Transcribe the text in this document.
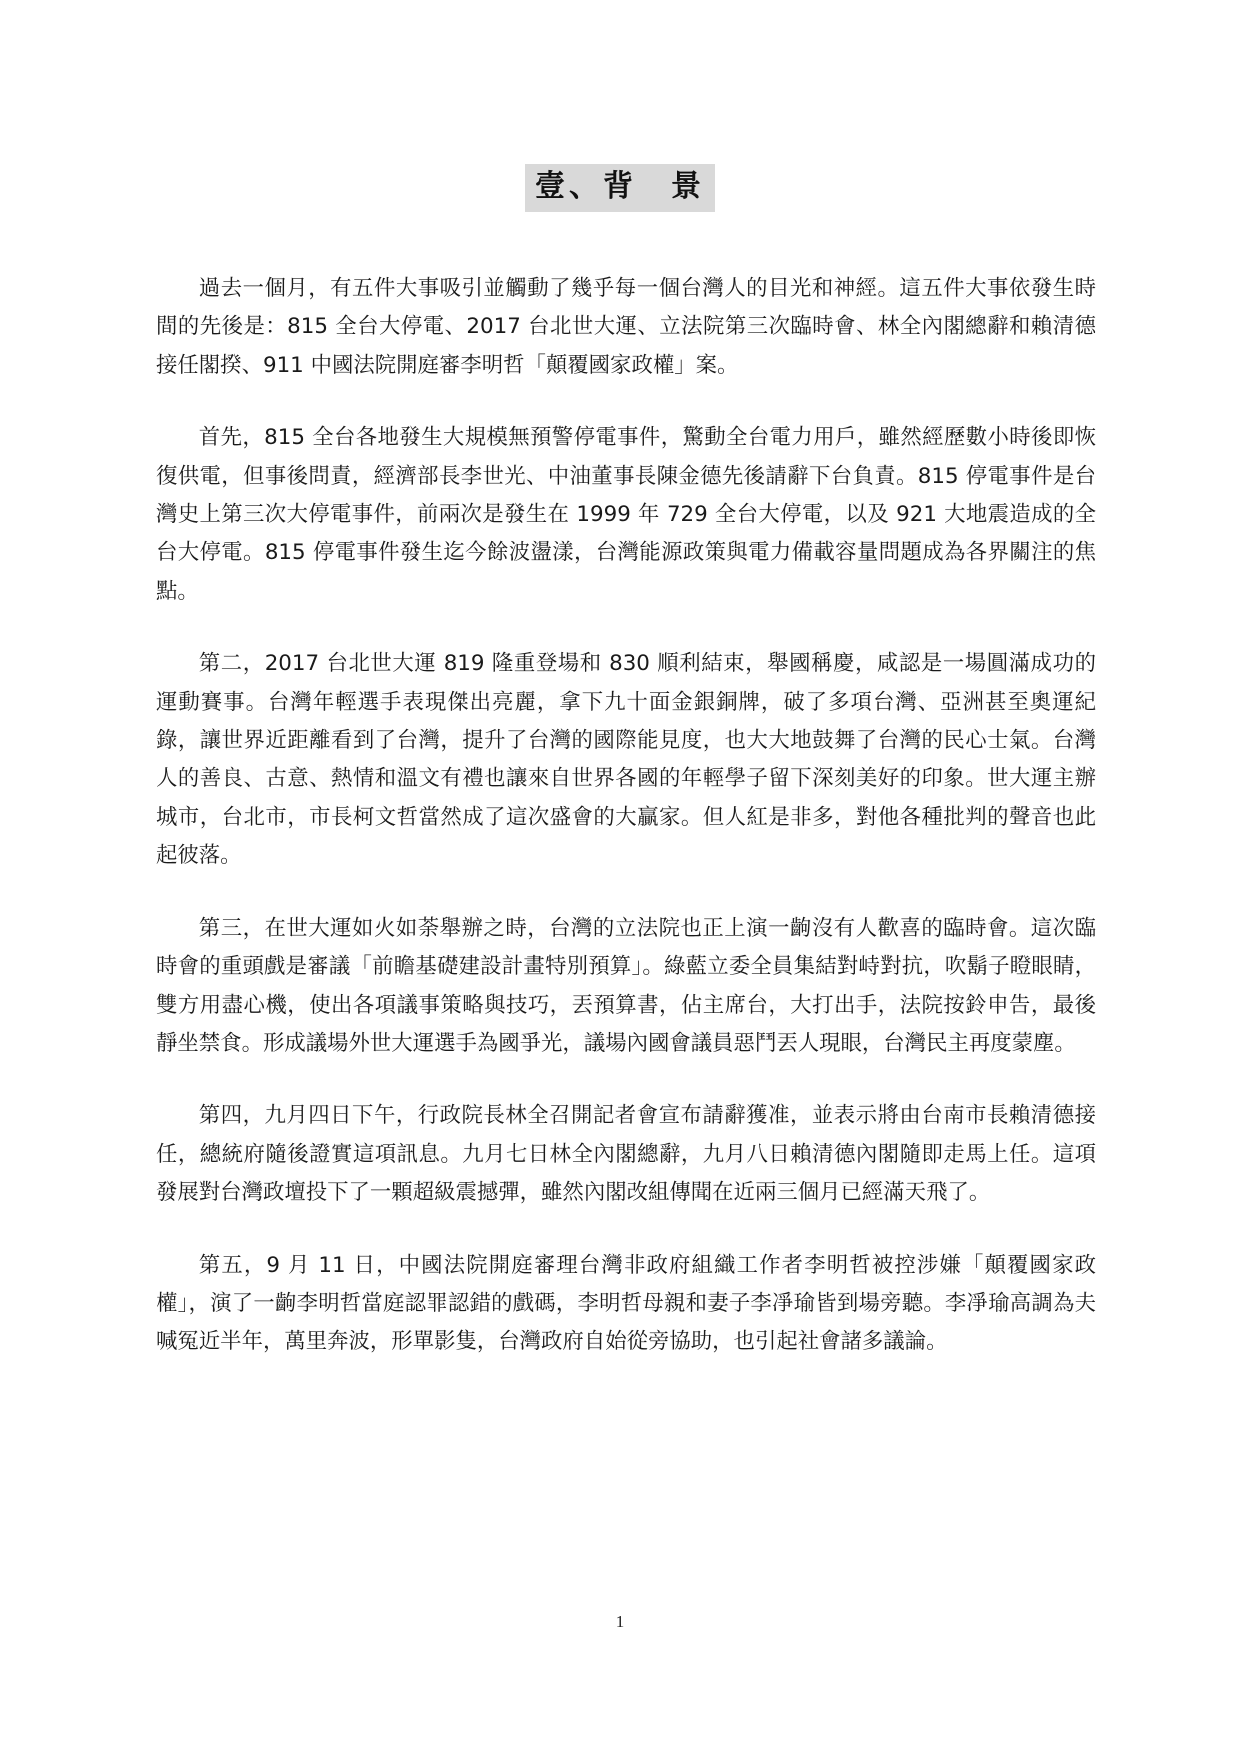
壹、背　景

過去一個月，有五件大事吸引並觸動了幾乎每一個台灣人的目光和神經。這五件大事依發生時間的先後是：815 全台大停電、2017 台北世大運、立法院第三次臨時會、林全內閣總辭和賴清德接任閣揆、911 中國法院開庭審李明哲「顛覆國家政權」案。

首先，815 全台各地發生大規模無預警停電事件，驚動全台電力用戶，雖然經歷數小時後即恢復供電，但事後問責，經濟部長李世光、中油董事長陳金德先後請辭下台負責。815 停電事件是台灣史上第三次大停電事件，前兩次是發生在 1999 年 729 全台大停電，以及 921 大地震造成的全台大停電。815 停電事件發生迄今餘波盪漾，台灣能源政策與電力備載容量問題成為各界關注的焦點。

第二，2017 台北世大運 819 隆重登場和 830 順利結束，舉國稱慶，咸認是一場圓滿成功的運動賽事。台灣年輕選手表現傑出亮麗，拿下九十面金銀銅牌，破了多項台灣、亞洲甚至奧運紀錄，讓世界近距離看到了台灣，提升了台灣的國際能見度，也大大地鼓舞了台灣的民心士氣。台灣人的善良、古意、熱情和溫文有禮也讓來自世界各國的年輕學子留下深刻美好的印象。世大運主辦城市，台北市，市長柯文哲當然成了這次盛會的大贏家。但人紅是非多，對他各種批判的聲音也此起彼落。

第三，在世大運如火如荼舉辦之時，台灣的立法院也正上演一齣沒有人歡喜的臨時會。這次臨時會的重頭戲是審議「前瞻基礎建設計畫特別預算」。綠藍立委全員集結對峙對抗，吹鬍子瞪眼睛，雙方用盡心機，使出各項議事策略與技巧，丟預算書，佔主席台，大打出手，法院按鈴申告，最後靜坐禁食。形成議場外世大運選手為國爭光，議場內國會議員惡鬥丟人現眼，台灣民主再度蒙塵。

第四，九月四日下午，行政院長林全召開記者會宣布請辭獲准，並表示將由台南市長賴清德接任，總統府隨後證實這項訊息。九月七日林全內閣總辭，九月八日賴清德內閣隨即走馬上任。這項發展對台灣政壇投下了一顆超級震撼彈，雖然內閣改組傳聞在近兩三個月已經滿天飛了。

第五，9 月 11 日，中國法院開庭審理台灣非政府組織工作者李明哲被控涉嫌「顛覆國家政權」，演了一齣李明哲當庭認罪認錯的戲碼，李明哲母親和妻子李凈瑜皆到場旁聽。李凈瑜高調為夫喊冤近半年，萬里奔波，形單影隻，台灣政府自始從旁協助，也引起社會諸多議論。

1
